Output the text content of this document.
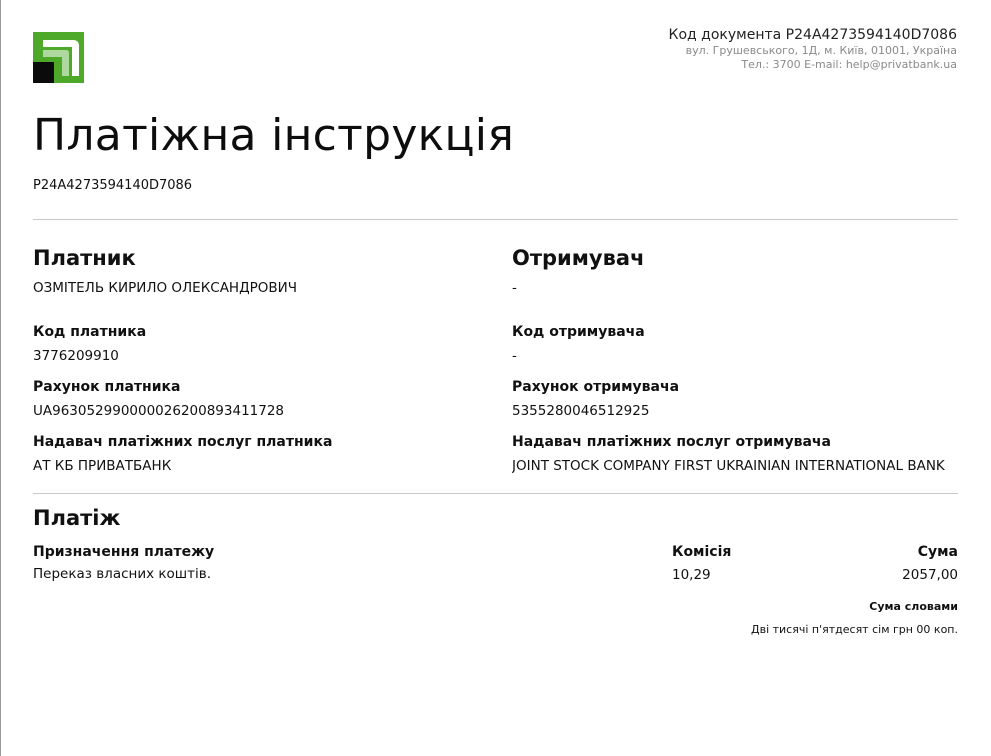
Код документа P24A4273594140D7086
вул. Грушевського, 1Д, м. Київ, 01001, Україна
Тел.: 3700 E-mail: help@privatbank.ua
Платіжна інструкція
P24A4273594140D7086
Платник
ОЗМІТЕЛЬ КИРИЛО ОЛЕКСАНДРОВИЧ
Код платника
3776209910
Рахунок платника
UA963052990000026200893411728
Надавач платіжних послуг платника
АТ КБ ПРИВАТБАНК
Отримувач
-
Код отримувача
-
Рахунок отримувача
5355280046512925
Надавач платіжних послуг отримувача
JOINT STOCK COMPANY FIRST UKRAINIAN INTERNATIONAL BANK
Платіж
Призначення платежу
Переказ власних коштів.
Комісія
10,29
Сума
2057,00
Сума словами
Дві тисячі п'ятдесят сім грн 00 коп.
